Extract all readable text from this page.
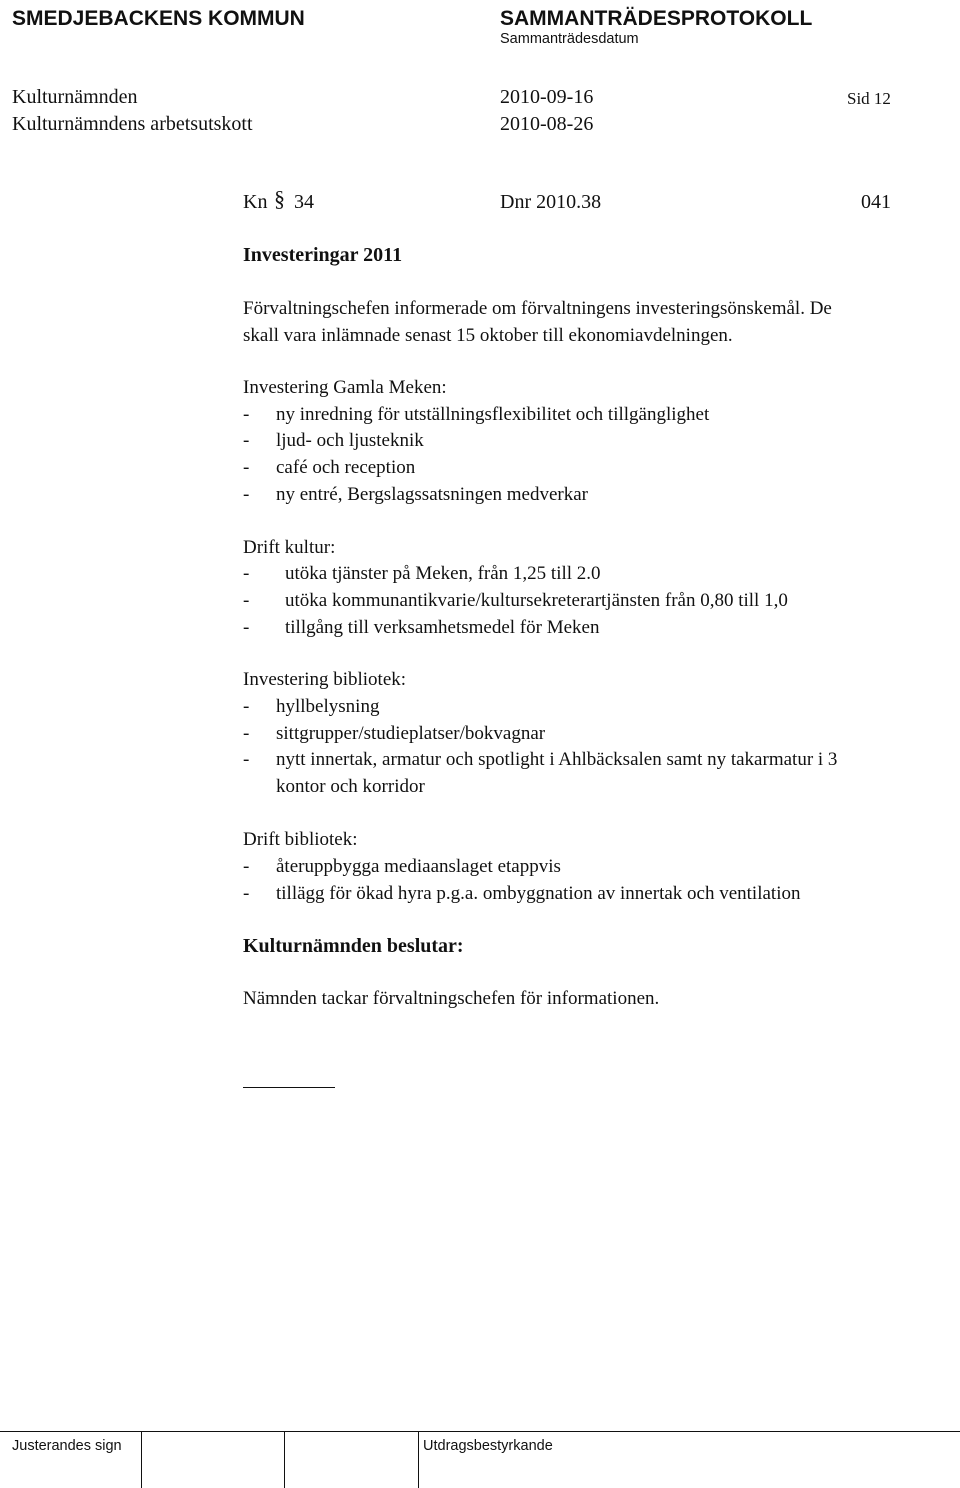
SMEDJEBACKENS KOMMUN	SAMMANTRÄDESPROTOKOLL
Sammanträdesdatum
Kulturnämnden	2010-09-16	Sid 12
Kulturnämndens arbetsutskott	2010-08-26
Kn § 34	Dnr 2010.38	041
Investeringar 2011
Förvaltningschefen informerade om förvaltningens investeringsönskemål. De
skall vara inlämnade senast 15 oktober till ekonomiavdelningen.
Investering Gamla Meken:
- ny inredning för utställningsflexibilitet och tillgänglighet
- ljud- och ljusteknik
- café och reception
- ny entré, Bergslagssatsningen medverkar
Drift kultur:
- utöka tjänster på Meken, från 1,25 till 2.0
- utöka kommunantikvarie/kultursekreterartjänsten från 0,80 till 1,0
- tillgång till verksamhetsmedel för Meken
Investering bibliotek:
- hyllbelysning
- sittgrupper/studieplatser/bokvagnar
- nytt innertak, armatur och spotlight i Ahlbäcksalen samt ny takarmatur i 3
kontor och korridor
Drift bibliotek:
- återuppbygga mediaanslaget etappvis
- tillägg för ökad hyra p.g.a. ombyggnation av innertak och ventilation
Kulturnämnden beslutar:
Nämnden tackar förvaltningschefen för informationen.
Justerandes sign	Utdragsbestyrkande
